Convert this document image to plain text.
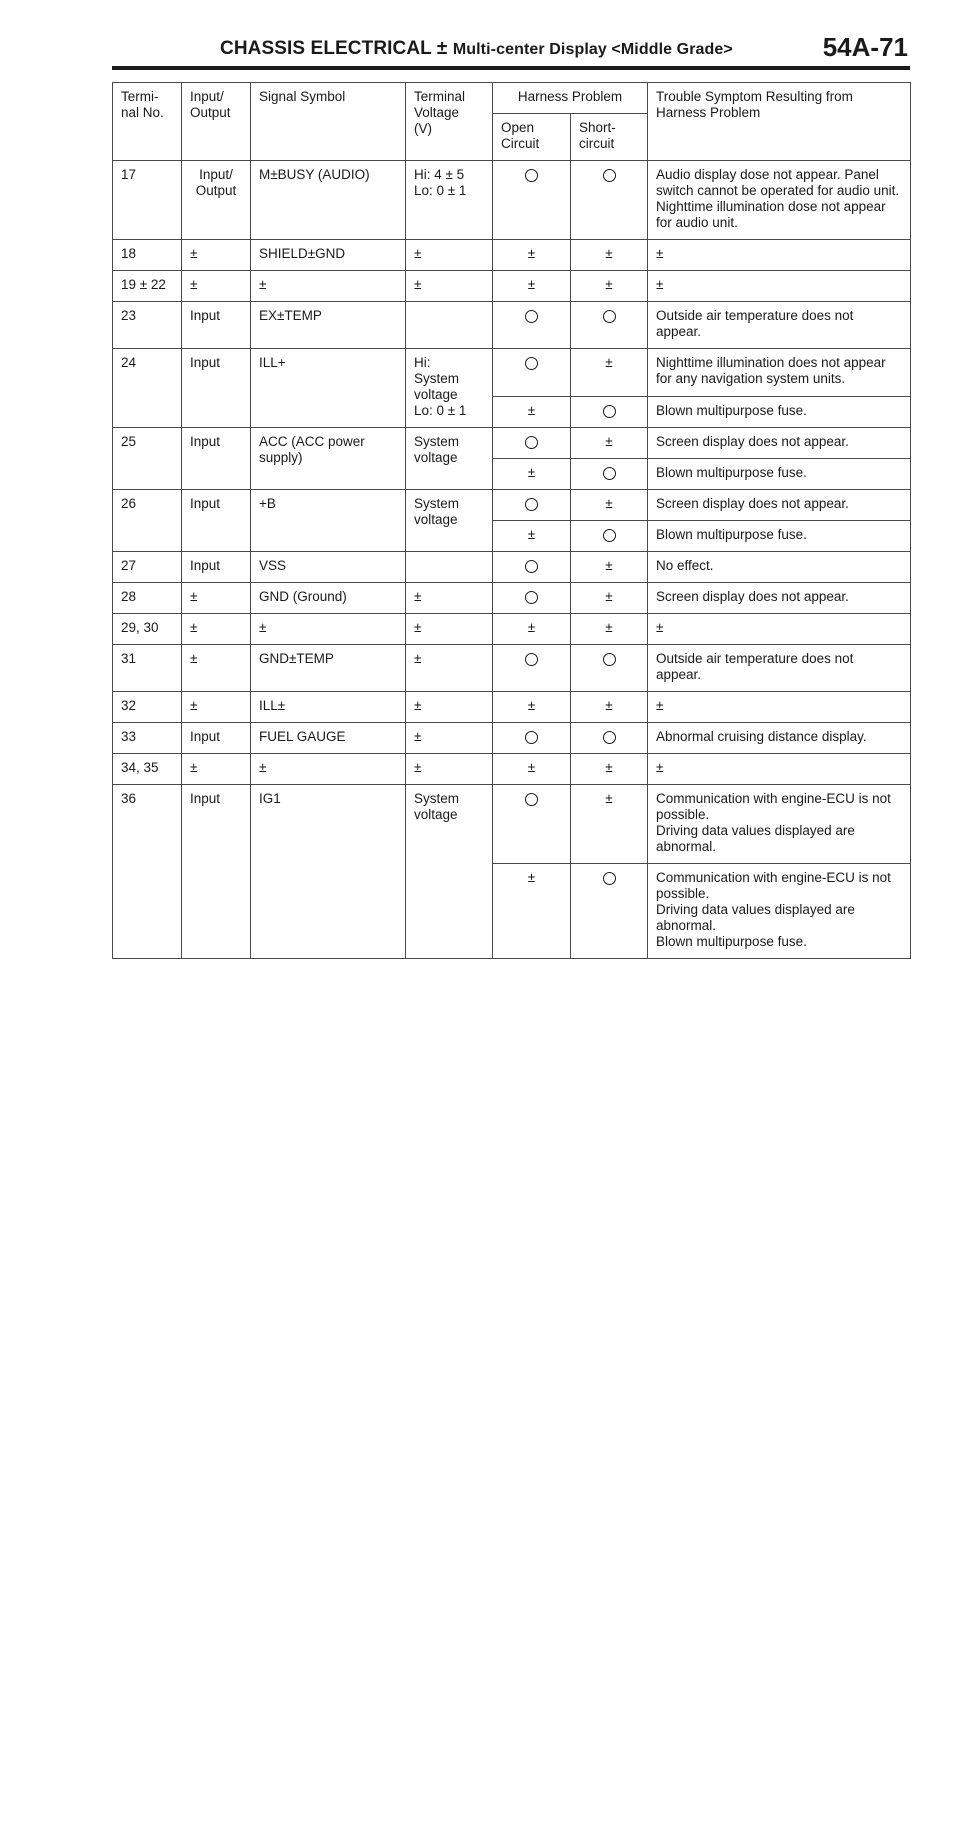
CHASSIS ELECTRICAL ± Multi-center Display <Middle Grade>	54A-71
Termi-
nal No.	Input/
Output	Signal Symbol	Terminal
Voltage
(V)	Harness Problem		Trouble Symptom Resulting from Harness Problem
				Open
Circuit	Short-
circuit	
17	Input/
Output	M±BUSY (AUDIO)	Hi: 4 ± 5
Lo: 0 ± 1			Audio display dose not appear. Panel switch cannot be operated for audio unit. Nighttime illumination dose not appear for audio unit.
18	±	SHIELD±GND	±	±	±	±
19 ± 22	±	±	±	±	±	±
23	Input	EX±TEMP				Outside air temperature does not appear.
24	Input	ILL+	Hi:
System
voltage
Lo: 0 ± 1		±	Nighttime illumination does not appear for any navigation system units.
				±		Blown multipurpose fuse.
25	Input	ACC (ACC power supply)	System
voltage		±	Screen display does not appear.
				±		Blown multipurpose fuse.
26	Input	+B	System
voltage		±	Screen display does not appear.
				±		Blown multipurpose fuse.
27	Input	VSS			±	No effect.
28	±	GND (Ground)	±		±	Screen display does not appear.
29, 30	±	±	±	±	±	±
31	±	GND±TEMP	±			Outside air temperature does not appear.
32	±	ILL±	±	±	±	±
33	Input	FUEL GAUGE	±			Abnormal cruising distance display.
34, 35	±	±	±	±	±	±
36	Input	IG1	System
voltage		±	Communication with engine-ECU is not possible.
Driving data values displayed are abnormal.
				±		Communication with engine-ECU is not possible.
Driving data values displayed are abnormal.
Blown multipurpose fuse.
